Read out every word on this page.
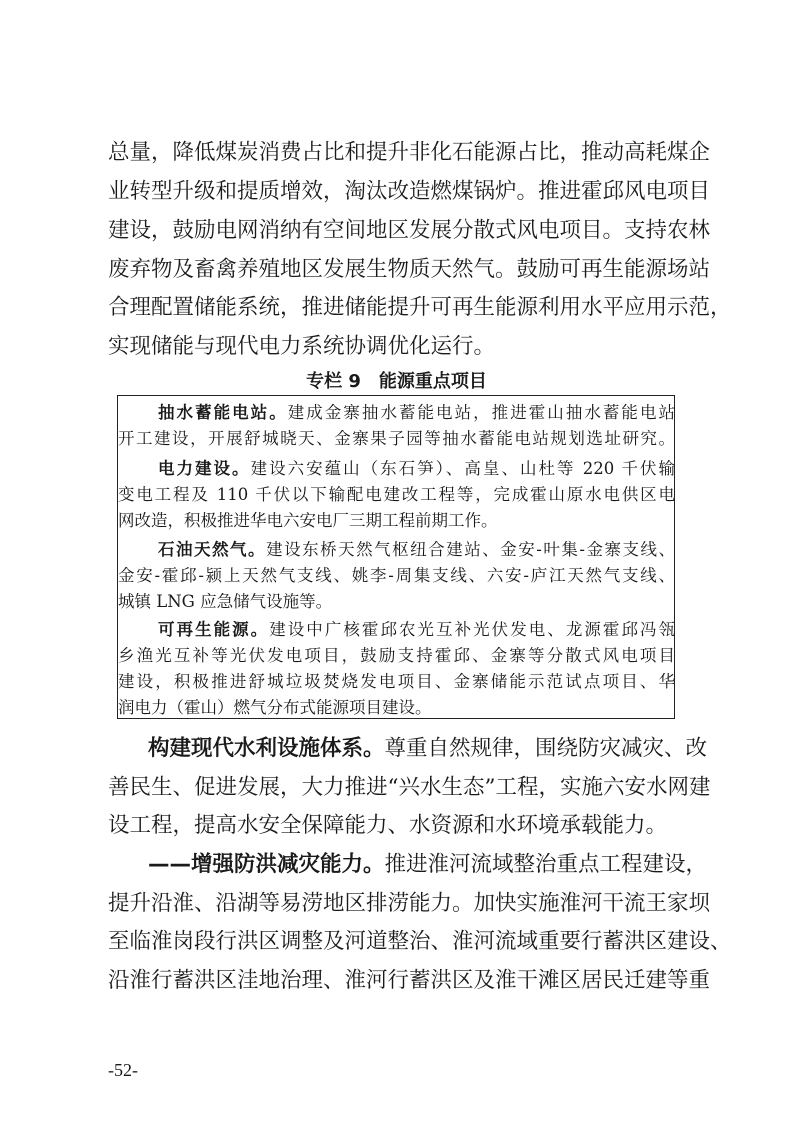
总量，降低煤炭消费占比和提升非化石能源占比，推动高耗煤企
业转型升级和提质增效，淘汰改造燃煤锅炉。推进霍邱风电项目
建设，鼓励电网消纳有空间地区发展分散式风电项目。支持农林
废弃物及畜禽养殖地区发展生物质天然气。鼓励可再生能源场站
合理配置储能系统，推进储能提升可再生能源利用水平应用示范，
实现储能与现代电力系统协调优化运行。
专栏 9　能源重点项目
抽水蓄能电站。建成金寨抽水蓄能电站，推进霍山抽水蓄能电站
开工建设，开展舒城晓天、金寨果子园等抽水蓄能电站规划选址研究。
电力建设。建设六安蕴山（东石笋）、高皇、山杜等 220 千伏输
变电工程及 110 千伏以下输配电建改工程等，完成霍山原水电供区电
网改造，积极推进华电六安电厂三期工程前期工作。
石油天然气。建设东桥天然气枢纽合建站、金安-叶集-金寨支线、
金安-霍邱-颍上天然气支线、姚李-周集支线、六安-庐江天然气支线、
城镇 LNG 应急储气设施等。
可再生能源。建设中广核霍邱农光互补光伏发电、龙源霍邱冯瓴
乡渔光互补等光伏发电项目，鼓励支持霍邱、金寨等分散式风电项目
建设，积极推进舒城垃圾焚烧发电项目、金寨储能示范试点项目、华
润电力（霍山）燃气分布式能源项目建设。
构建现代水利设施体系。尊重自然规律，围绕防灾减灾、改
善民生、促进发展，大力推进“兴水生态”工程，实施六安水网建
设工程，提高水安全保障能力、水资源和水环境承载能力。
——增强防洪减灾能力。推进淮河流域整治重点工程建设，
提升沿淮、沿湖等易涝地区排涝能力。加快实施淮河干流王家坝
至临淮岗段行洪区调整及河道整治、淮河流域重要行蓄洪区建设、
沿淮行蓄洪区洼地治理、淮河行蓄洪区及淮干滩区居民迁建等重
-52-
